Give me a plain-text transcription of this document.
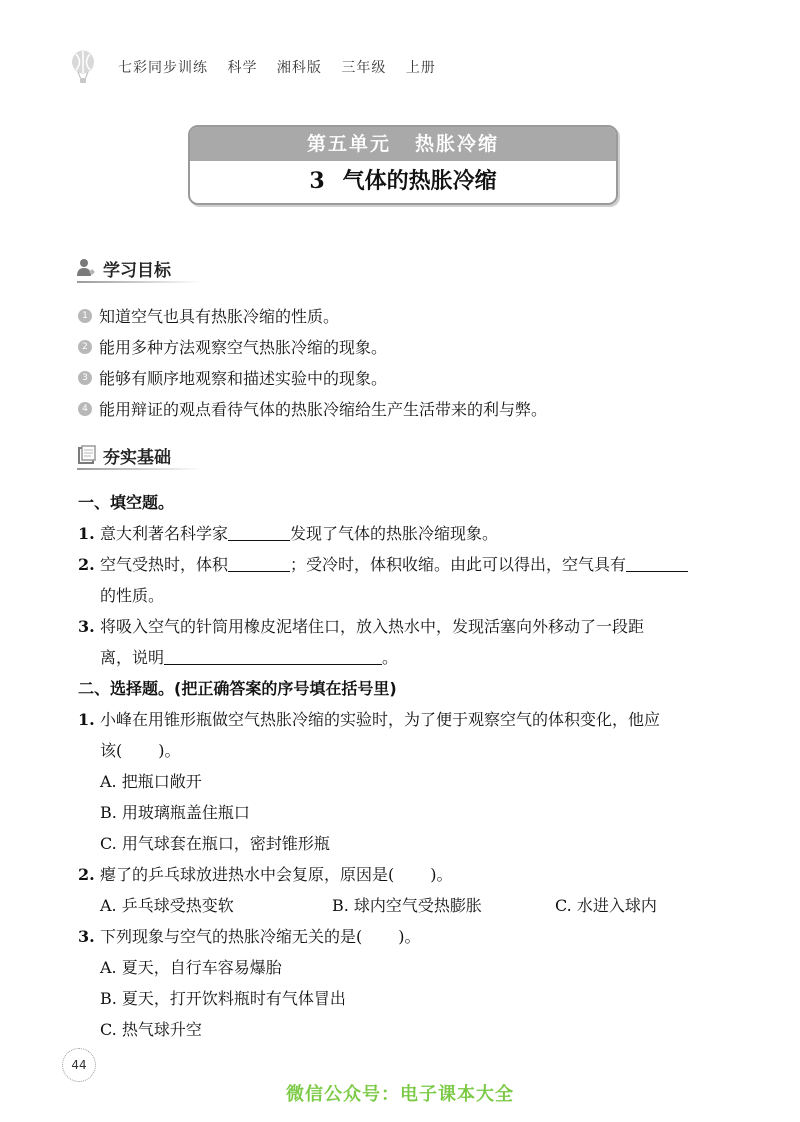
七彩同步训练 科学 湘科版 三年级 上册
第五单元 热胀冷缩
3 气体的热胀冷缩
学习目标
1 知道空气也具有热胀冷缩的性质。
2 能用多种方法观察空气热胀冷缩的现象。
3 能够有顺序地观察和描述实验中的现象。
4 能用辩证的观点看待气体的热胀冷缩给生产生活带来的利与弊。
夯实基础
一、填空题。
1. 意大利著名科学家	发现了气体的热胀冷缩现象。
2. 空气受热时，体积	；受冷时，体积收缩。由此可以得出，空气具有
的性质。
3. 将吸入空气的针筒用橡皮泥堵住口，放入热水中，发现活塞向外移动了一段距
离，说明	。
二、选择题。(把正确答案的序号填在括号里)
1. 小峰在用锥形瓶做空气热胀冷缩的实验时，为了便于观察空气的体积变化，他应
该( )。
A. 把瓶口敞开
B. 用玻璃瓶盖住瓶口
C. 用气球套在瓶口，密封锥形瓶
2. 瘪了的乒乓球放进热水中会复原，原因是( )。
A. 乒乓球受热变软	B. 球内空气受热膨胀	C. 水进入球内
3. 下列现象与空气的热胀冷缩无关的是( )。
A. 夏天，自行车容易爆胎
B. 夏天，打开饮料瓶时有气体冒出
C. 热气球升空
44
微信公众号：电子课本大全
